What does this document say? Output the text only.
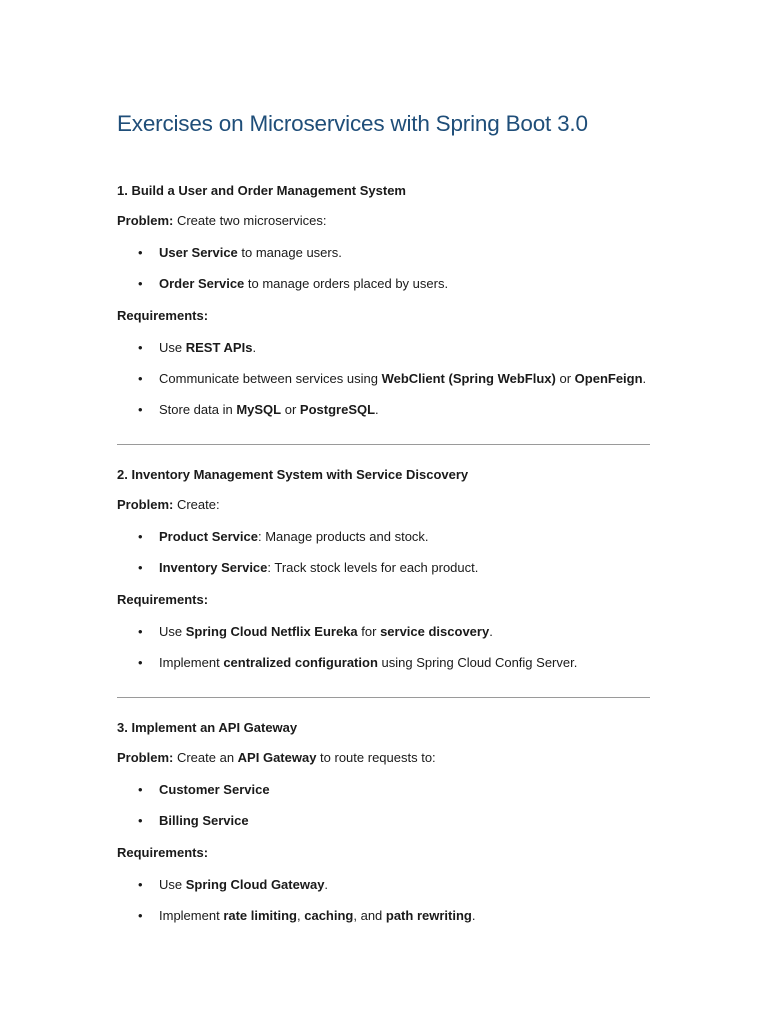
Exercises on Microservices with Spring Boot 3.0
1. Build a User and Order Management System
Problem: Create two microservices:
• User Service to manage users.
• Order Service to manage orders placed by users.
Requirements:
• Use REST APIs.
• Communicate between services using WebClient (Spring WebFlux) or OpenFeign.
• Store data in MySQL or PostgreSQL.
2. Inventory Management System with Service Discovery
Problem: Create:
• Product Service: Manage products and stock.
• Inventory Service: Track stock levels for each product.
Requirements:
• Use Spring Cloud Netflix Eureka for service discovery.
• Implement centralized configuration using Spring Cloud Config Server.
3. Implement an API Gateway
Problem: Create an API Gateway to route requests to:
• Customer Service
• Billing Service
Requirements:
• Use Spring Cloud Gateway.
• Implement rate limiting, caching, and path rewriting.
